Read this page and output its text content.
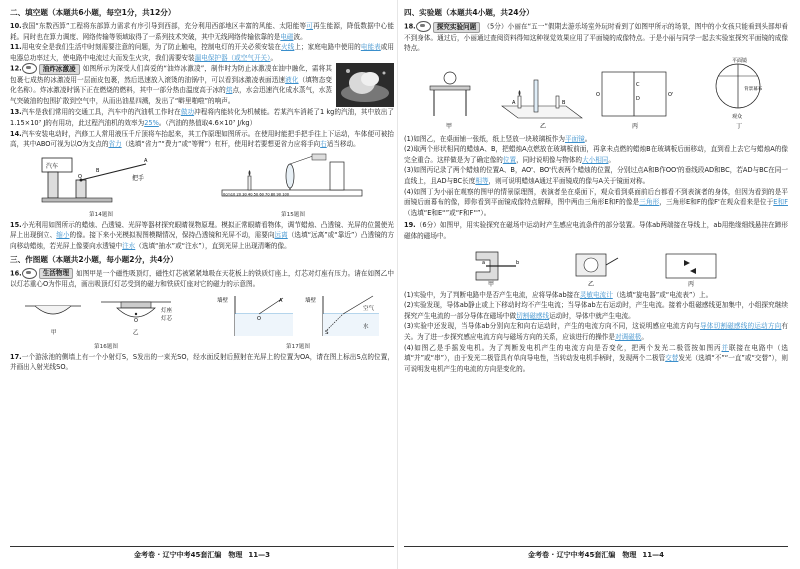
二、填空题（本题共6小题，每空1分，共12分）

10.我国“东数西算”工程将东部算力需求有序引导到西部，充分利用西部地区丰富的风能、太阳能等可再生能源，降低数据中心能耗。同时也在算力调度、网络传输等领域取得了一系列技术突破，其中无线网络传输依靠的是电磁波。

11.用电安全是我们生活中时刻需要注意的问题，为了防止触电，控制电灯的开关必须安装在火线上；家庭电路中使用的电能表或用电器总功率过大，使电路中电流过大而发生火灾，我们需要安装漏电保护器（或空气开关）。

12.	油炸冰激凌 如图所示为深受人们喜爱的“油炸冰激凌”，制作时为防止冰激凌在油中融化，需将其包裹七成热的冰激凌用一层面皮包裹，然后迅速放入滚烫的油锅中，可以看到冰激凌表面迅速液化（填物态变化名称）。炸冰激凌时锅下正在燃烧的燃料，其中一部分热由温度高于冰的熔点，水会迅速汽化成水蒸气，水蒸气突破油的包围扩散到空气中，从而出油星四溅，发出了“噼里啪啦”的响声。

13.汽车是我们常用的交通工具，汽车中的汽油机工作时在做功冲程将内能转化为机械能。若某汽车消耗了1 kg的汽油，其中放出了1.15×10⁷ J的有用功，此过程汽油机的效率为25%。（汽油的热值取4.6×10⁷ J/kg）

14.汽车安装电动时，汽修工人常用液压千斤顶将车抬起来，其工作原理如图所示。在使用时能把手把手往上下运动，车体便可被抬高，其中ABO可视为以O为支点的省力（选填“省力”“费力”或“等臂”）杠杆，使用时若要想更省力应将手向右适当移动。

汽车
O
B
A
把手
第14题图
0cm10 20 30 40 50 60 70 80 90 100
第15题图

15.小光利用如图所示的蜡烛、凸透镜、光屏等器材探究眼睛视物原理。模拟正常眼睛看物体，调节蜡烛、凸透镜、光屏的位置使光屏上出现倒立、缩小的像。接下来小光模拟视图模糊情况，保持凸透镜和光屏不动，需要向远离（选填“远离”或“靠近”）凸透镜的方向移动蜡烛，若光屏上像要向水透镜中注水（选填“抽水”或“注水”），直到光屏上出现清晰的像。

三、作图题（本题共2小题，每小题2分，共4分）

16.	生活物理 如图甲是一个磁性吸顶灯，磁性灯芯被紧紧地吸在天花板上的铁质灯座上，灯芯对灯座有压力。请在如图乙中以灯芯重心O为作用点，画出吸顶灯灯芯受到的磁力和铁质灯座对它的磁力的示意图。

甲
O
灯座
灯芯
乙
第16题图
墙壁	A
O
墙壁
空气
水
S
第17题图

17.一个游泳池的侧墙上有一个小射灯S，S发出的一束光SO，经水面反射后照射在光屏上的位置为OA，请在图上标出S点的位置，并画出入射光线SO。

金考卷 · 辽宁中考45套汇编　物理 11—3
四、实验题（本题共4小题，共24分）

18.	探究实验问题 （5分）小丽在“五一”假期去游乐场室外玩时看到了如图甲所示的场景，图中的小女孩只能看到头部却看不到身体。通过后，小丽通过查阅资料得知这种视觉效果应用了平面镜的成像特点。于是小丽与同学一起去实验室探究平面镜的成像特点。

甲
A	B
乙
O	O'
C
D
丙
平面镜
背景幕布
观众
丁

(1)如图乙，在桌面铺一张纸，纸上竖放一块玻璃板作为平面镜。

(2)取两个形状相同的蜡烛A、B，把蜡烛A点燃放在玻璃板前面，再拿未点燃的蜡烛B在玻璃板后面移动，直到看上去它与蜡烛A的像完全重合。这样做是为了确定像的位置，同时说明像与物体的大小相同。

(3)如图丙记录了两个蜡烛的位置A、B，AO'、BO'代表两个蜡烛的位置，分别过点A和B作OO'的垂线段AD和BC，若AD与BC在同一直线上，且AD与BC长度相等，则可说明蜡烛A通过平面镜成的像与A关于镜面对称。

(4)如图丁为小丽在观察的图甲的情景原理图，表演者坐在桌面下，观众看到桌面前后台都看不到表演者的身体，但因为看到的是平面镜后面幕布的像，即你看到平面镜成像特点解释，图中两由三角形E和F的像是三角形，三角形E和F的像F'在观众看来是位于E和F（选填“E和E''”或“F和F''”）。

19.（6分）如图甲，用实验探究在磁场中运动时产生感应电流条件的部分装置。导体ab两端接在导线上，ab用绝缘细线悬挂在蹄形磁体的磁场中。

a	b
甲	乙	丙

(1)实验中，为了判断电路中是否产生电流，应将导体ab接在灵敏电流计（选填“旋电器”或“电流表”）上。

(2)实验发现，导体ab静止或上下移动时均不产生电流；当导体ab左右运动时，产生电流。接着小组磁感线更加集中，小组探究继续探究产生电流的一部分导体在磁场中做切割磁感线运动时，导体中就产生电流。

(3)实验中还发现，当导体ab分别向左和向右运动时，产生的电流方向不同，这说明感应电流方向与导体切割磁感线的运动方向有关。为了进一步探究感应电流方向与磁场方向的关系，应该进行的操作是对调磁极。

(4)如图乙是手摇发电机。为了判断发电机产生的电流方向是否变化，把两个发光二极管按如图丙并联接在电路中（选填“并”或“串”），由于发光二极管具有单向导电性，当转动发电机手柄时，发现两个二极管交替发光（选填“不”“一直”或“交替”），则可说明发电机产生的电流的方向是变化的。

金考卷 · 辽宁中考45套汇编　物理 11—4
